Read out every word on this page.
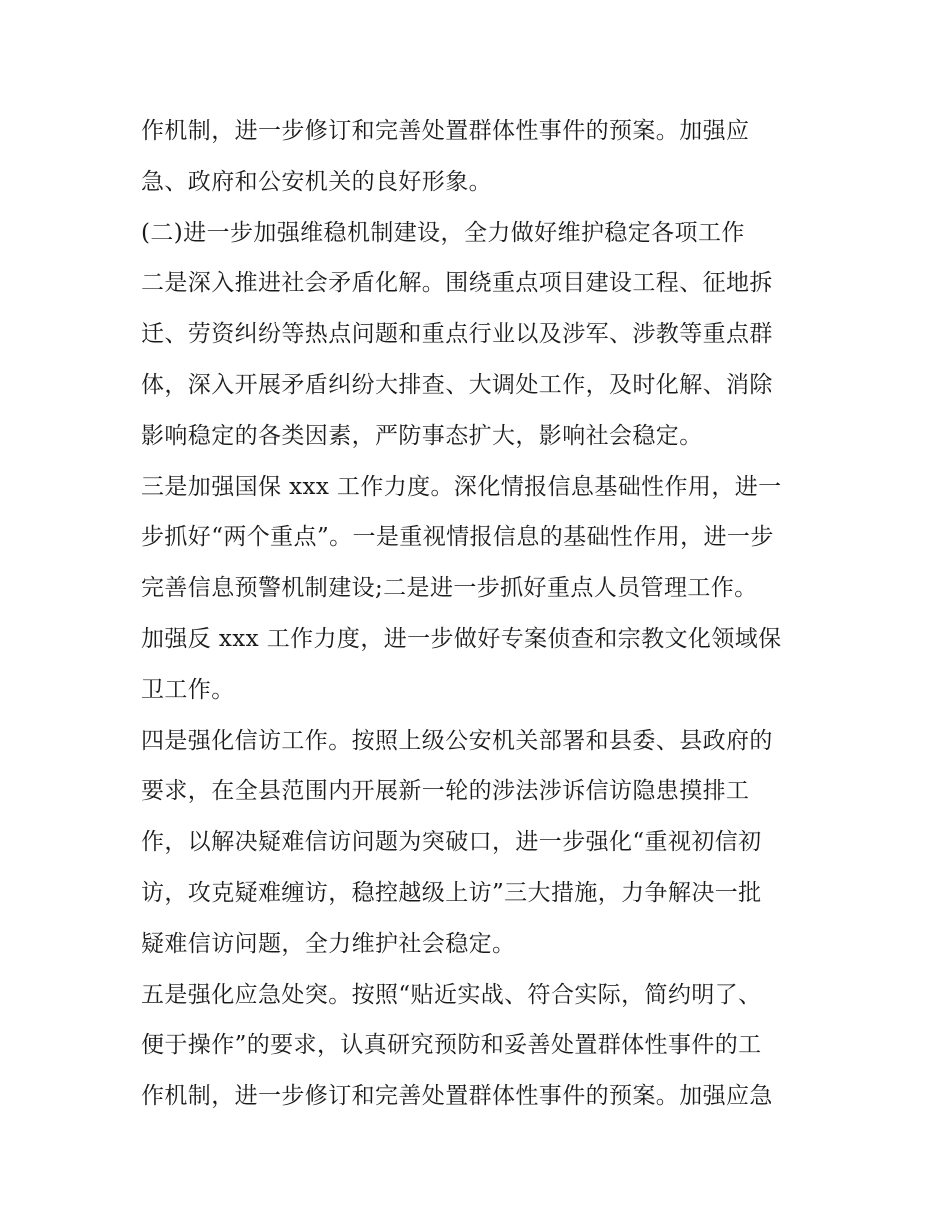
作机制，进一步修订和完善处置群体性事件的预案。加强应
急、政府和公安机关的良好形象。
(二)进一步加强维稳机制建设，全力做好维护稳定各项工作
二是深入推进社会矛盾化解。围绕重点项目建设工程、征地拆
迁、劳资纠纷等热点问题和重点行业以及涉军、涉教等重点群
体，深入开展矛盾纠纷大排查、大调处工作，及时化解、消除
影响稳定的各类因素，严防事态扩大，影响社会稳定。
三是加强国保 xxx 工作力度。深化情报信息基础性作用，进一
步抓好“两个重点”。一是重视情报信息的基础性作用，进一步
完善信息预警机制建设;二是进一步抓好重点人员管理工作。
加强反 xxx 工作力度，进一步做好专案侦查和宗教文化领域保
卫工作。
四是强化信访工作。按照上级公安机关部署和县委、县政府的
要求，在全县范围内开展新一轮的涉法涉诉信访隐患摸排工
作，以解决疑难信访问题为突破口，进一步强化“重视初信初
访，攻克疑难缠访，稳控越级上访”三大措施，力争解决一批
疑难信访问题，全力维护社会稳定。
五是强化应急处突。按照“贴近实战、符合实际，简约明了、
便于操作”的要求，认真研究预防和妥善处置群体性事件的工
作机制，进一步修订和完善处置群体性事件的预案。加强应急
